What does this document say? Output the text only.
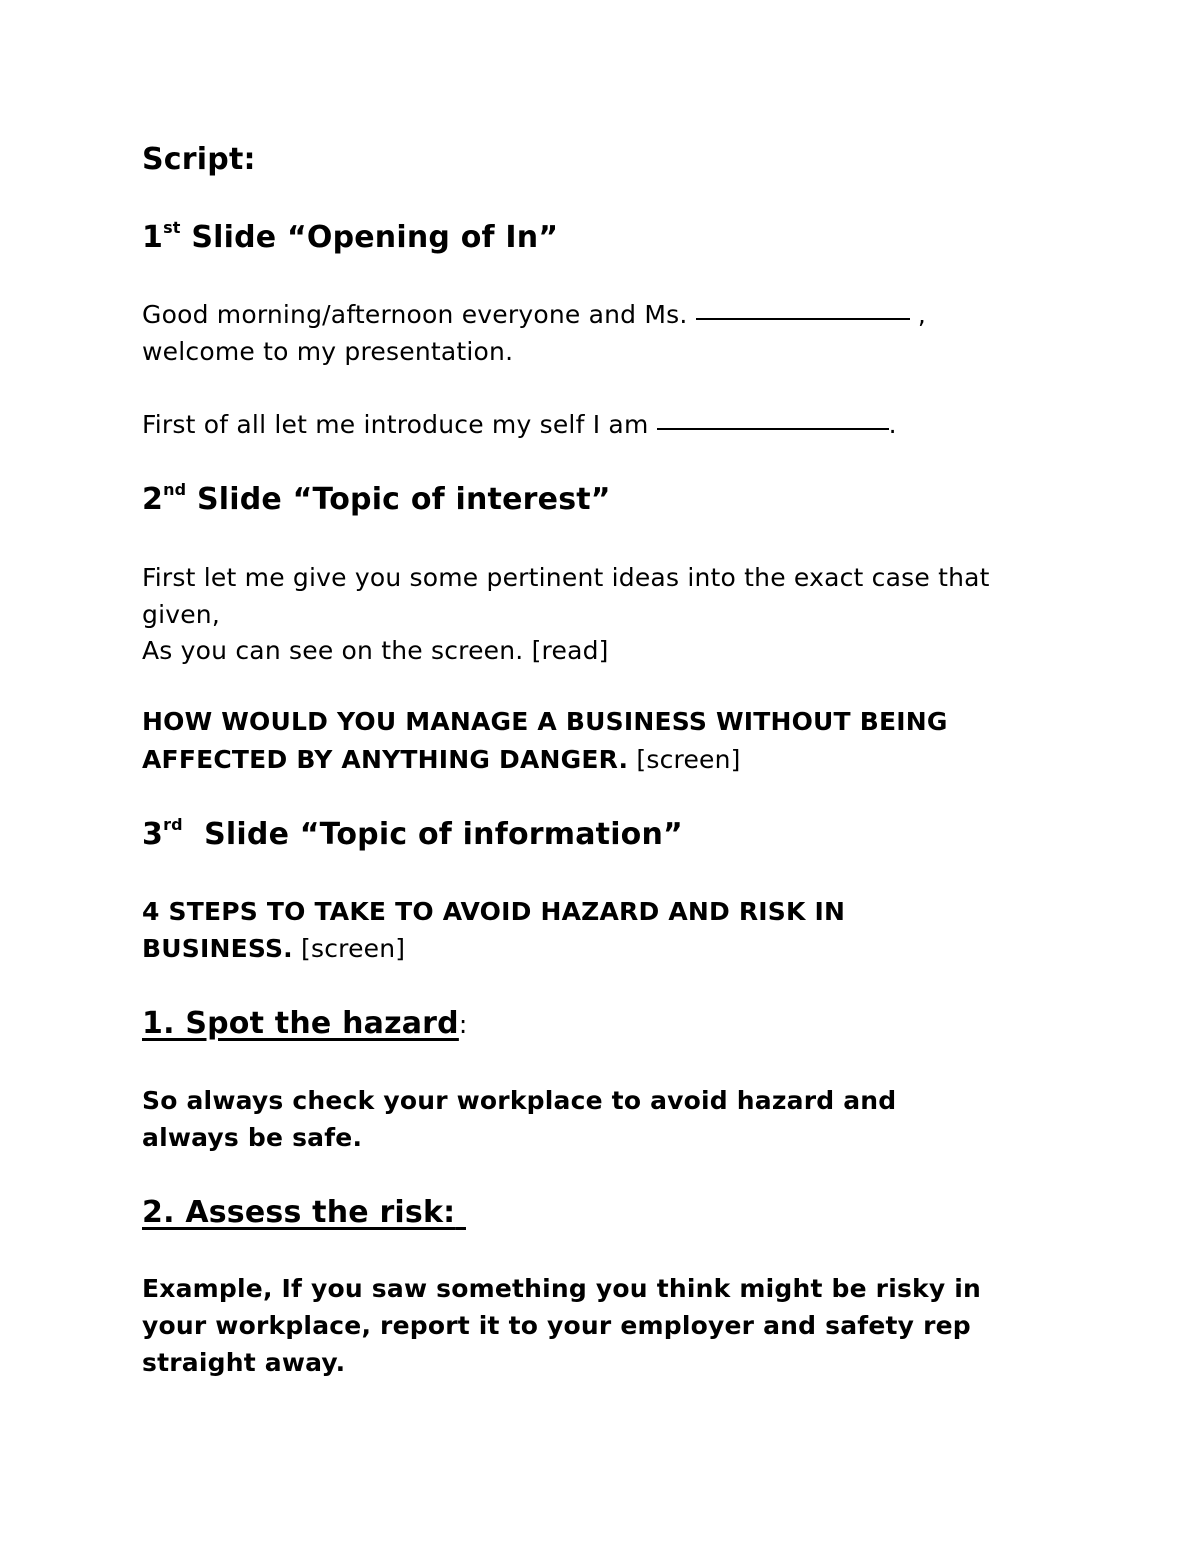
Script:
1st Slide “Opening of In”
Good morning/afternoon everyone and Ms.	,
welcome to my presentation.
First of all let me introduce my self I am	.
2nd Slide “Topic of interest”
First let me give you some pertinent ideas into the exact case that
given,
As you can see on the screen. [read]
HOW WOULD YOU MANAGE A BUSINESS WITHOUT BEING
AFFECTED BY ANYTHING DANGER. [screen]
3rd Slide “Topic of information”
4 STEPS TO TAKE TO AVOID HAZARD AND RISK IN
BUSINESS. [screen]
1. Spot the hazard:
So always check your workplace to avoid hazard and
always be safe.
2. Assess the risk:
Example, If you saw something you think might be risky in
your workplace, report it to your employer and safety rep
straight away.
